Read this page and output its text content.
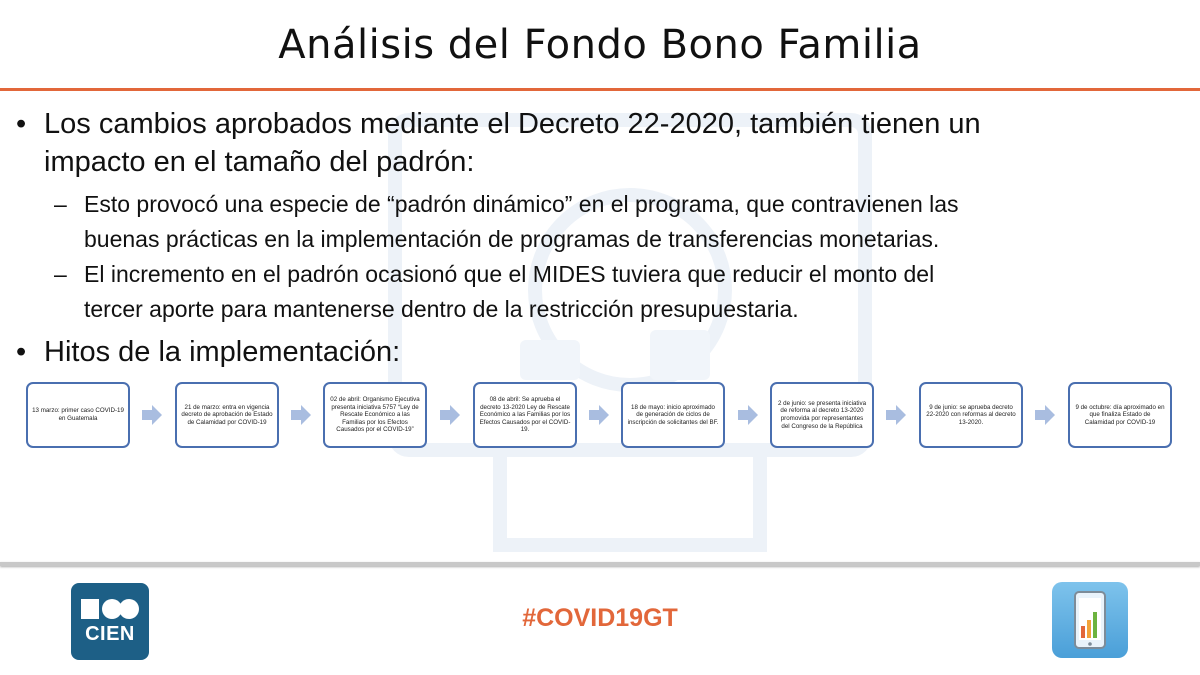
Análisis del Fondo Bono Familia
• Los cambios aprobados mediante el Decreto 22-2020, también tienen un
impacto en el tamaño del padrón:
– Esto provocó una especie de “padrón dinámico” en el programa, que contravienen las
buenas prácticas en la implementación de programas de transferencias monetarias.
– El incremento en el padrón ocasionó que el MIDES tuviera que reducir el monto del
tercer aporte para mantenerse dentro de la restricción presupuestaria.
• Hitos de la implementación:
13 marzo: primer caso COVID-19 en Guatemala
21 de marzo: entra en vigencia decreto de aprobación de Estado de Calamidad por COVID-19
02 de abril: Organismo Ejecutiva presenta iniciativa 5757 “Ley de Rescate Económico a las Familias por los Efectos Causados por el COVID-19”
08 de abril: Se aprueba el decreto 13-2020 Ley de Rescate Económico a las Familias por los Efectos Causados por el COVID-19.
18 de mayo: inicio aproximado de generación de ciclos de inscripción de solicitantes del BF.
2 de junio: se presenta iniciativa de reforma al decreto 13-2020 promovida por representantes del Congreso de la República
9 de junio: se aprueba decreto 22-2020 con reformas al decreto 13-2020.
9 de octubre: día aproximado en que finaliza Estado de Calamidad por COVID-19
CIEN
#COVID19GT
